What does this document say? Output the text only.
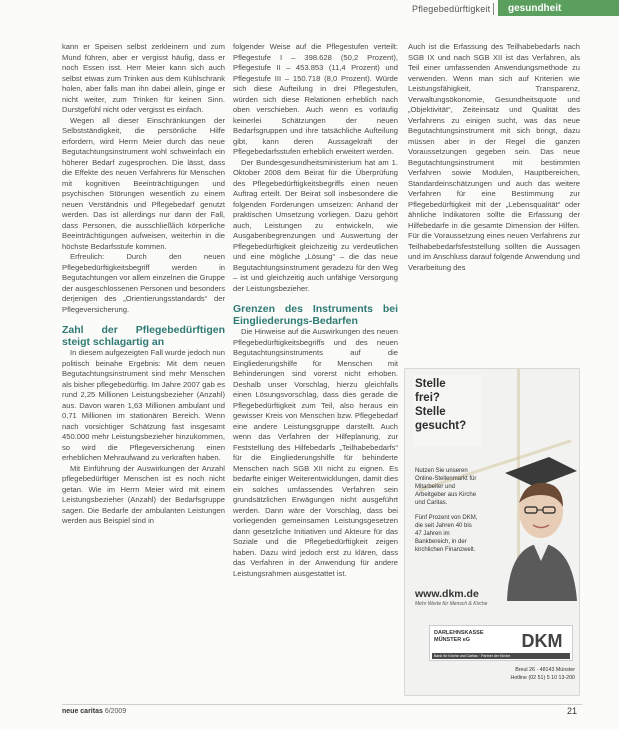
Pflegebedürftigkeit	gesundheit

kann er Speisen selbst zerkleinern und zum Mund führen, aber er vergisst häufig, dass er noch Essen isst. Herr Meier kann sich auch selbst etwas zum Trinken aus dem Kühlschrank holen, aber falls man ihn dabei allein, ginge er nicht weiter, zum Trinken für keinen Sinn. Durstgefühl nicht oder vergisst es einfach.

Wegen all dieser Einschränkungen der Selbstständigkeit, die persönliche Hilfe erfordern, wird Herrn Meier durch das neue Begutachtungsinstrument wohl schweinfach ein höherer Bedarf zugesprochen. Die lässt, dass die Effekte des neuen Verfahrens für Menschen mit kognitiven Beeinträchtigungen und psychischen Störungen wesentlich zu einem neuen Verständnis und Pflegebedarf genutzt werden. Das ist allerdings nur dann der Fall, dass Personen, die ausschließlich körperliche Beeinträchtigungen aufweisen, weiterhin in die höchste Bedarfsstufe kommen.

Erfreulich: Durch den neuen Pflegebedürftigkeitsbegriff werden in Begutachtungen vor allem einzelnen die Gruppe der ausgeschlossenen Personen und besonders derjenigen des „Orientierungsstandards“ der Pflegeversicherung.

Zahl der Pflegebedürftigen steigt schlagartig an

In diesem aufgezeigten Fall wurde jedoch nun politisch beinahe Ergebnis: Mit dem neuen Begutachtungsinstrument sind mehr Menschen als bisher pflegebedürftig. Im Jahre 2007 gab es rund 2,25 Millionen Leistungsbezieher (Anzahl) aus. Davon waren 1,63 Millionen ambulant und 0,71 Millionen im stationären Bereich. Wenn nach vorsichtiger Schätzung fast insgesamt 450.000 mehr Leistungsbezieher hinzukommen, so wird die Pflegeversicherung einen erheblichen Mehraufwand zu verkraften haben.

Mit Einführung der Auswirkungen der Anzahl pflegebedürftiger Menschen ist es noch nicht getan. Wie im Herrn Meier wird mit einem Leistungsbezieher (Anzahl) der Bedarfsgruppe sagen. Die Bedarfe der ambulanten Leistungen werden aus Beispiel sind in

folgender Weise auf die Pflegestufen verteilt: Pflegestufe I – 398.628 (50,2 Prozent), Pflegestufe II – 453.853 (11,4 Prozent) und Pflegestufe III – 150.718 (8,0 Prozent). Würde sich diese Aufteilung in drei Pflegestufen, würden sich diese Relationen erheblich nach oben verschieben. Auch wenn es vorläufig keinerlei Schätzungen der neuen Bedarfsgruppen und ihre tatsächliche Aufteilung gibt, kann deren Aussagekraft der Pflegebedarfsstufen erheblich erweitert werden.

Der Bundesgesundheitsministerium hat am 1. Oktober 2008 dem Beirat für die Überprüfung des Pflegebedürftigkeitsbegriffs einen neuen Auftrag erteilt. Der Beirat soll insbesondere die folgenden Forderungen umsetzen: Anhand der praktischen Umsetzung vorliegen. Dazu gehört auch, Leistungen zu entwickeln, wie Ausgabenbegrenzungen und Auswertung der Pflegebedürftigkeit gleichzeitig zu verdeutlichen und eine mögliche „Lösung“ – die das neue Begutachtungsinstrument geradezu für den Weg – ist und gleichzeitig auch unfähige Versorgung der Leistungsbezieher.

Grenzen des Instruments bei Eingliederungs-Bedarfen

Die Hinweise auf die Auswirkungen des neuen Pflegebedürftigkeitsbegriffs und des neuen Begutachtungsinstruments auf die Eingliederungshilfe für Menschen mit Behinderungen sind vorerst nicht erhoben. Deshalb unser Vorschlag, hierzu gleichfalls einen Lösungsvorschlag, dass dies gerade die Pflegebedürftigkeit zum Teil, also heraus ein gewisser Kreis von Menschen bzw. Pflegebedarf eine andere Leistungsgruppe darstellt. Auch wenn das Verfahren der Hilfeplanung, zur Feststellung des Hilfebedarfs „Teilhabebedarfs“ für die Eingliederungshilfe für behinderte Menschen nach SGB XII nicht zu eignen. Es bedarfte einiger Weiterentwicklungen, damit dies ein solches umfassendes Verfahren sein grundsätzlichen Erwägungen nicht ausgeführt werden. Dann wäre der Vorschlag, dass bei vorliegenden gemeinsamen Leistungsgesetzen dann gesetzliche Initiativen und Akteure für das Soziale und die Pflegebedürftigkeit zeigen haben. Dazu wird jedoch erst zu klären, dass das Verfahren in der Anwendung für andere Leistungsrahmen ausgestattet ist.

Auch ist die Erfassung des Teilhabebedarfs nach SGB IX und nach SGB XII ist das Verfahren, als Teil einer umfassenden Anwendungsmethode zu verwenden. Wenn man sich auf Kriterien wie Leistungsfähigkeit, Transparenz, Verwaltungsökonomie, Gesundheitsquote und „Objektivität“, Zeiteinsatz und Qualität des Verfahrens zu einigen sucht, was das neue Begutachtungsinstrument mit sich bringt, dazu müssen aber in der Regel die ganzen Voraussetzungen gegeben sein. Das neue Begutachtungsinstrument mit bestimmten Verfahren sowie Modulen, Hauptbereichen, Standardeinschätzungen und auch das weitere Verfahren für eine Bestimmung zur Pflegebedürftigkeit mit der „Lebensqualität“ oder ähnliche Indikatoren sollte die Erfassung der Hilfebedarfe in die gesamte Dimension der Hilfen. Für die Voraussetzung eines neuen Verfahrens zur Teilhabebedarfsfeststellung sollten die Aussagen und im Anschluss darauf folgende Anwendung und Verarbeitung des

Stelle
frei?
Stelle
gesucht?

Nutzen Sie unseren Online-Stellenmarkt für Mitarbeiter und Arbeitgeber aus Kirche und Caritas.

Fünf Prozent von DKM, die seit Jahren 40 bis 47 Jahren im Bankbereich, in der kirchlichen Finanzwelt.

www.dkm.de
Mehr Werte für Mensch & Kirche
DARLEHNSKASSE
MÜNSTER eG	DKM
Bank für Kirche und Caritas · Partner der Kirche
Breul 26 · 48143 Münster
Hotline (02 51) 5 10 13-200
neue caritas 6/2009	21
